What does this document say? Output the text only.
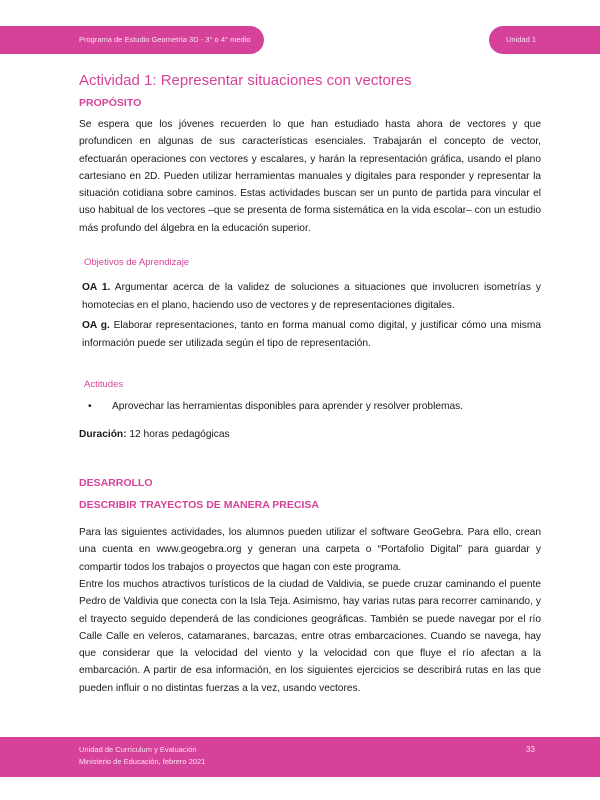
Programa de Estudio Geometría 3D - 3° o 4° medio	Unidad 1
Actividad 1: Representar situaciones con vectores
PROPÓSITO

Se espera que los jóvenes recuerden lo que han estudiado hasta ahora de vectores y que profundicen en algunas de sus características esenciales. Trabajarán el concepto de vector, efectuarán operaciones con vectores y escalares, y harán la representación gráfica, usando el plano cartesiano en 2D. Pueden utilizar herramientas manuales y digitales para responder y representar la situación cotidiana sobre caminos. Estas actividades buscan ser un punto de partida para vincular el uso habitual de los vectores –que se presenta de forma sistemática en la vida escolar– con un estudio más profundo del álgebra en la educación superior.

Objetivos de Aprendizaje

OA 1. Argumentar acerca de la validez de soluciones a situaciones que involucren isometrías y homotecias en el plano, haciendo uso de vectores y de representaciones digitales.

OA g. Elaborar representaciones, tanto en forma manual como digital, y justificar cómo una misma información puede ser utilizada según el tipo de representación.

Actitudes
• Aprovechar las herramientas disponibles para aprender y resolver problemas.
Duración: 12 horas pedagógicas
DESARROLLO
DESCRIBIR TRAYECTOS DE MANERA PRECISA

Para las siguientes actividades, los alumnos pueden utilizar el software GeoGebra. Para ello, crean una cuenta en www.geogebra.org y generan una carpeta o “Portafolio Digital” para guardar y compartir todos los trabajos o proyectos que hagan con este programa.

Entre los muchos atractivos turísticos de la ciudad de Valdivia, se puede cruzar caminando el puente Pedro de Valdivia que conecta con la Isla Teja. Asimismo, hay varias rutas para recorrer caminando, y el trayecto seguido dependerá de las condiciones geográficas. También se puede navegar por el río Calle Calle en veleros, catamaranes, barcazas, entre otras embarcaciones. Cuando se navega, hay que considerar que la velocidad del viento y la velocidad con que fluye el río afectan a la embarcación. A partir de esa información, en los siguientes ejercicios se describirá rutas en las que pueden influir o no distintas fuerzas a la vez, usando vectores.

Unidad de Currículum y Evaluación
Ministerio de Educación, febrero 2021
33
